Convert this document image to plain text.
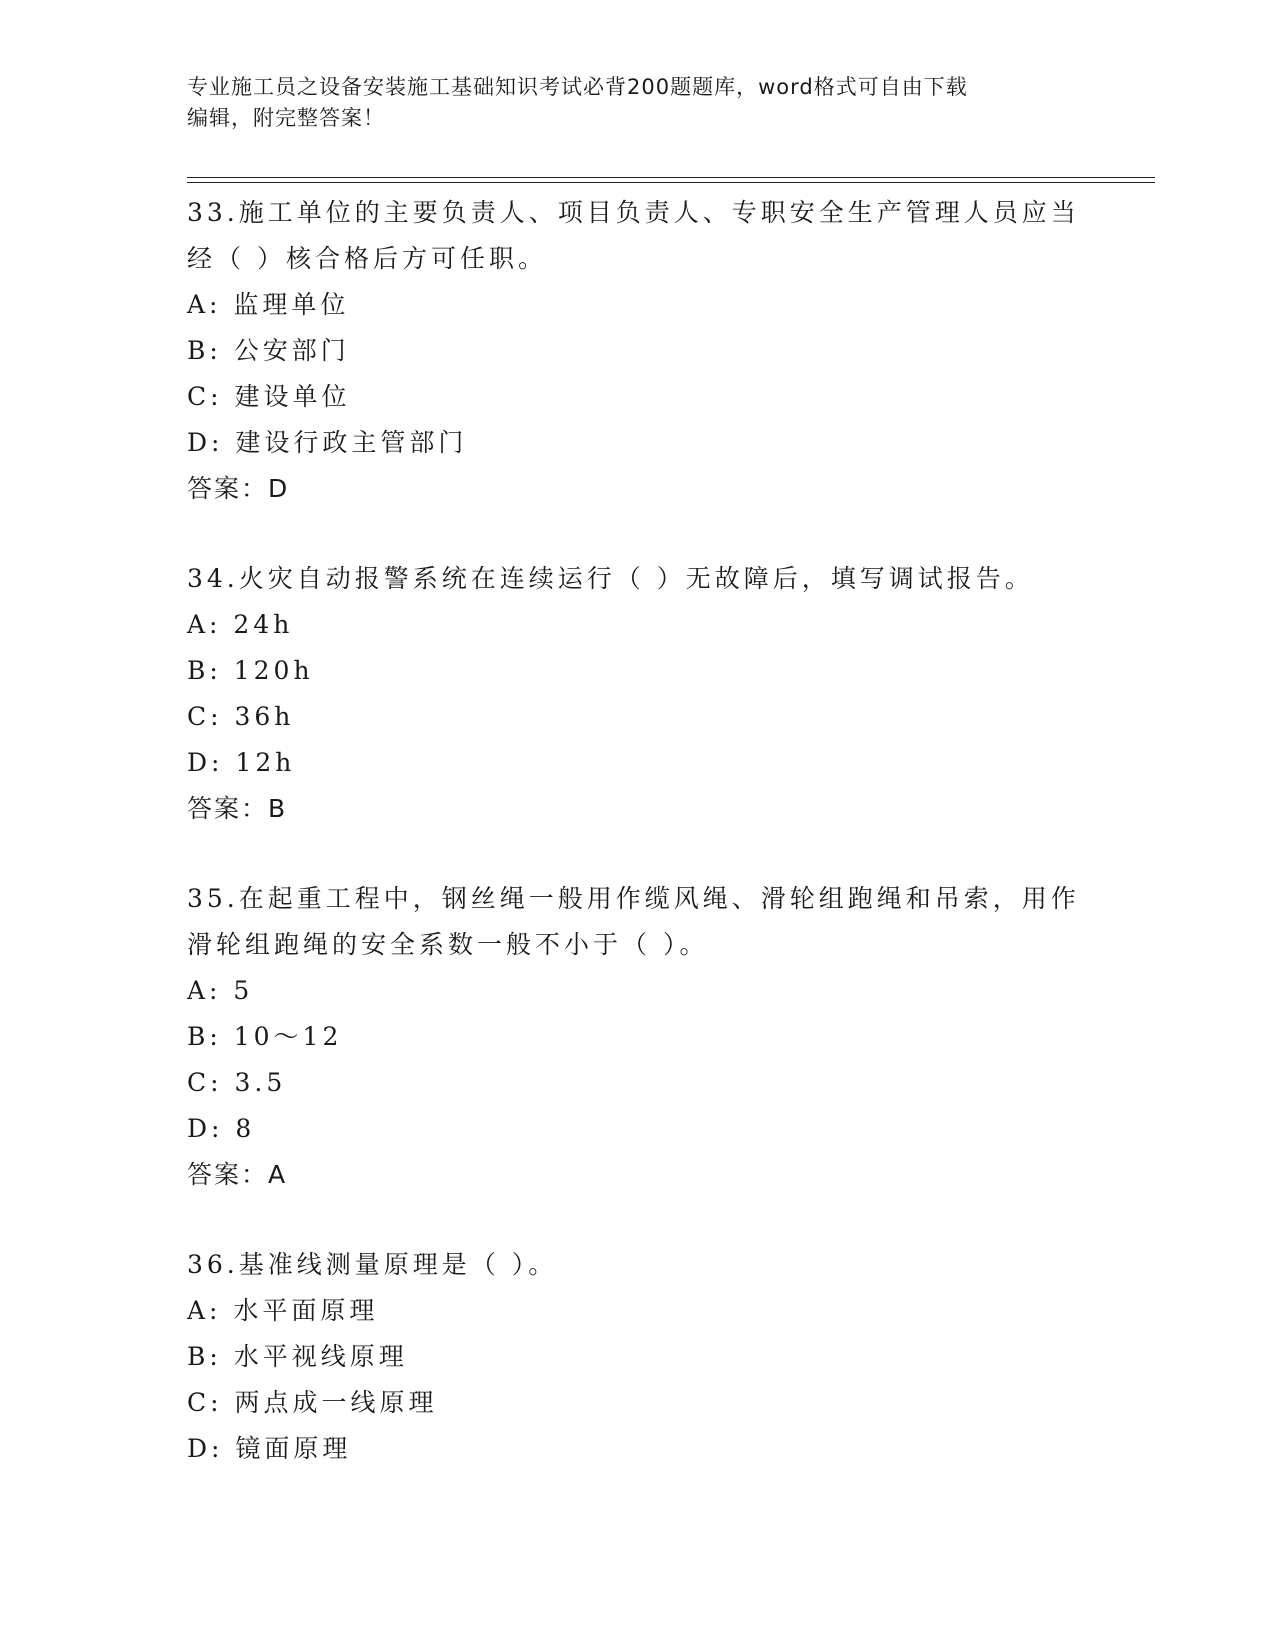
专业施工员之设备安装施工基础知识考试必背200题题库，word格式可自由下载
编辑，附完整答案！

33.施工单位的主要负责人、项目负责人、专职安全生产管理人员应当

经（ ）核合格后方可任职。

A: 监理单位

B: 公安部门

C: 建设单位

D: 建设行政主管部门

答案：D

34.火灾自动报警系统在连续运行（ ）无故障后，填写调试报告。

A: 24h

B: 120h

C: 36h

D: 12h

答案：B

35.在起重工程中，钢丝绳一般用作缆风绳、滑轮组跑绳和吊索，用作

滑轮组跑绳的安全系数一般不小于（ ）。

A: 5

B: 10～12

C: 3.5

D: 8

答案：A

36.基准线测量原理是（ ）。

A: 水平面原理

B: 水平视线原理

C: 两点成一线原理

D: 镜面原理
